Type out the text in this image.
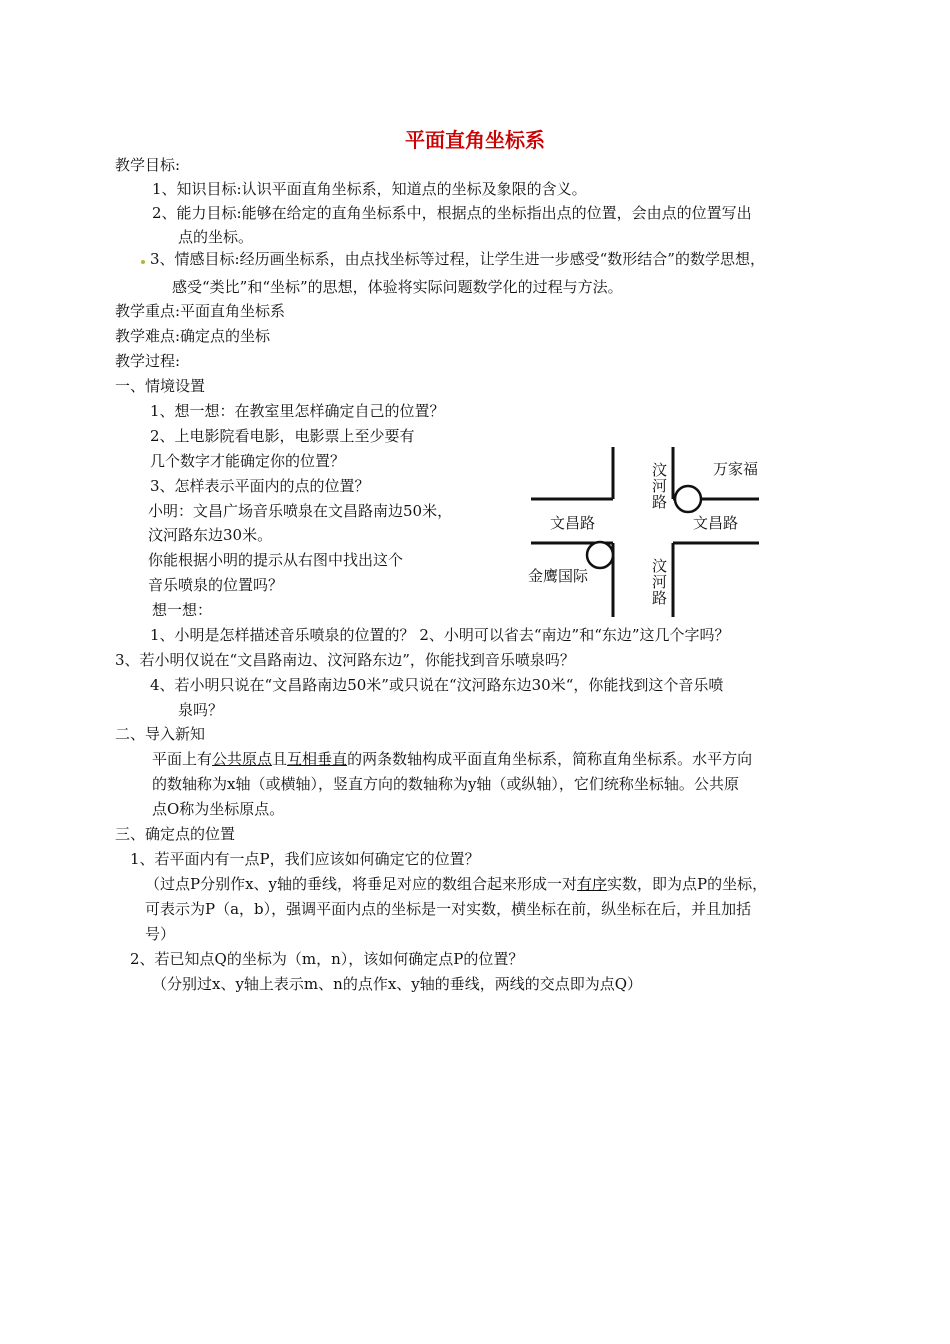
平面直角坐标系
教学目标:
1、知识目标:认识平面直角坐标系，知道点的坐标及象限的含义。
2、能力目标:能够在给定的直角坐标系中，根据点的坐标指出点的位置，会由点的位置写出
点的坐标。
3、情感目标:经历画坐标系，由点找坐标等过程，让学生进一步感受“数形结合”的数学思想，
感受“类比”和“坐标”的思想，体验将实际问题数学化的过程与方法。
教学重点:平面直角坐标系
教学难点:确定点的坐标
教学过程:
一、情境设置
1、想一想：在教室里怎样确定自己的位置？
2、上电影院看电影，电影票上至少要有
几个数字才能确定你的位置？
3、怎样表示平面内的点的位置？
小明：文昌广场音乐喷泉在文昌路南边50米，
汶河路东边30米。
你能根据小明的提示从右图中找出这个
音乐喷泉的位置吗？
想一想：
1、小明是怎样描述音乐喷泉的位置的？ 2、小明可以省去“南边”和“东边”这几个字吗？
3、若小明仅说在“文昌路南边、汶河路东边”，你能找到音乐喷泉吗？
4、若小明只说在“文昌路南边50米”或只说在“汶河路东边30米“，你能找到这个音乐喷
泉吗？
汶
河
路
万家福
文昌路	文昌路
金鹰国际
汶
河
路
二、导入新知
平面上有公共原点且互相垂直的两条数轴构成平面直角坐标系，简称直角坐标系。水平方向
的数轴称为x轴（或横轴），竖直方向的数轴称为y轴（或纵轴），它们统称坐标轴。公共原
点O称为坐标原点。
三、确定点的位置
1、若平面内有一点P，我们应该如何确定它的位置？
（过点P分别作x、y轴的垂线，将垂足对应的数组合起来形成一对有序实数，即为点P的坐标，
可表示为P（a，b），强调平面内点的坐标是一对实数，横坐标在前，纵坐标在后，并且加括
号）
2、若已知点Q的坐标为（m，n），该如何确定点P的位置？
（分别过x、y轴上表示m、n的点作x、y轴的垂线，两线的交点即为点Q）
